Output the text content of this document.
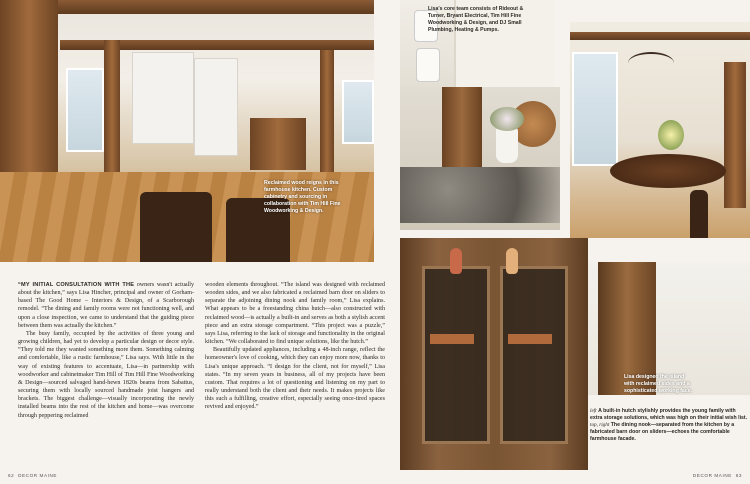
Reclaimed wood reigns in this farmhouse kitchen. Custom cabinetry and sourcing in collaboration with Tim Hill Fine Woodworking & Design.
Lisa's core team consists of Rideout & Turner, Bryant Electrical, Tim Hill Fine Woodworking & Design, and DJ Small Plumbing, Heating & Pumps.
Lisa designed the island with reclaimed sides and a sophisticated working face.

“MY INITIAL CONSULTATION WITH THE owners wasn't actually about the kitchen,” says Lisa Hincher, principal and owner of Gorham-based The Good Home – Interiors & Design, of a Scarborough remodel. “The dining and family rooms were not functioning well, and upon a close inspection, we came to understand that the guiding piece between them was actually the kitchen.”

The busy family, occupied by the activities of three young and growing children, had yet to develop a particular design or decor style. “They told me they wanted something more them. Something calming and comfortable, like a rustic farmhouse,” Lisa says. With little in the way of existing features to accentuate, Lisa—in partnership with woodworker and cabinetmaker Tim Hill of Tim Hill Fine Woodworking & Design—sourced salvaged hand-hewn 1820s beams from Sabattus, securing them with locally sourced handmade joist hangers and brackets. The biggest challenge—visually incorporating the newly installed beams into the rest of the kitchen and home—was overcome through peppering reclaimed

wooden elements throughout. “The island was designed with reclaimed wooden sides, and we also fabricated a reclaimed barn door on sliders to separate the adjoining dining nook and family room,” Lisa explains. What appears to be a freestanding china hutch—also constructed with reclaimed wood—is actually a built-in and serves as both a stylish accent piece and an extra storage compartment. “This project was a puzzle,” says Lisa, referring to the lack of storage and functionality in the original kitchen. “We collaborated to find unique solutions, like the hutch.”

Beautifully updated appliances, including a 48-inch range, reflect the homeowner's love of cooking, which they can enjoy more now, thanks to Lisa's unique approach. “I design for the client, not for myself,” Lisa states. “In my seven years in business, all of my projects have been custom. That requires a lot of questioning and listening on my part to really understand both the client and their needs. It makes projects like this such a fulfilling, creative effort, especially seeing once-tired spaces revived and enjoyed.”

left A built-in hutch stylishly provides the young family with extra storage solutions, which was high on their initial wish list. top, right The dining nook—separated from the kitchen by a fabricated barn door on sliders—echoes the comfortable farmhouse facade.
62 DECOR MAINE	DECOR MAINE 63
